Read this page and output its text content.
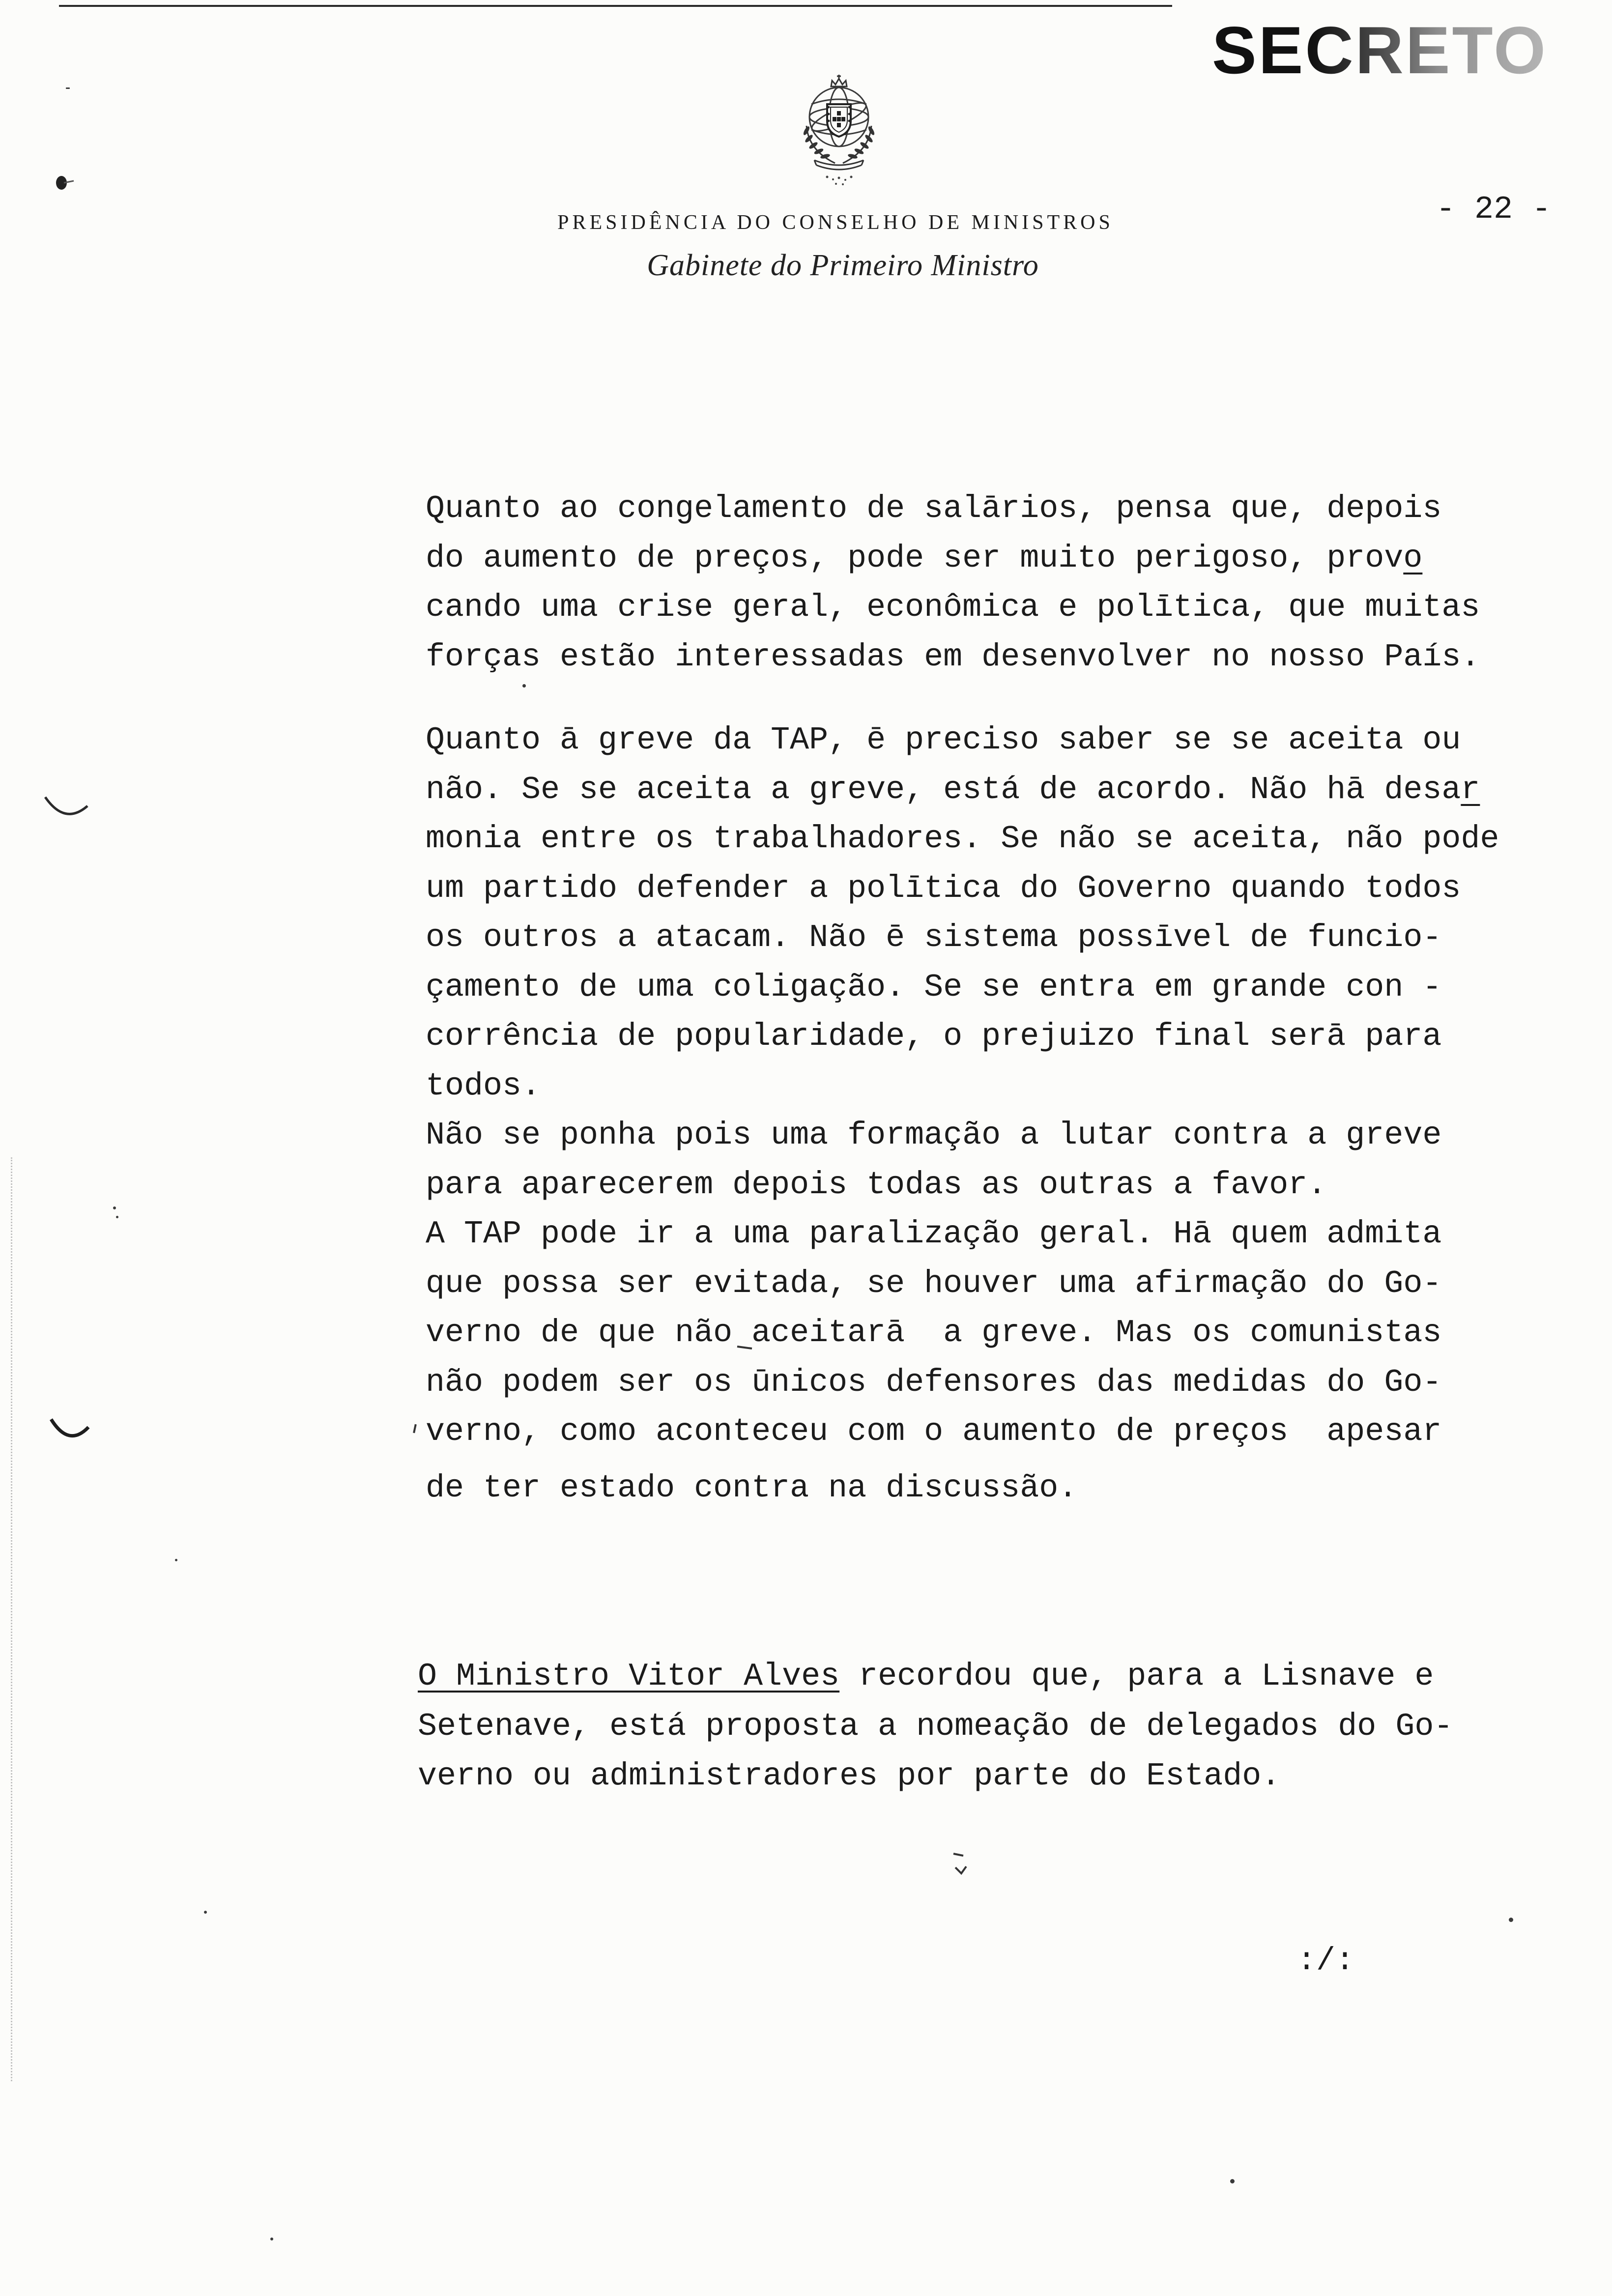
SECRETO
PRESIDÊNCIA DO CONSELHO DE MINISTROS
Gabinete do Primeiro Ministro
- 22 -
Quanto ao congelamento de salārios, pensa que, depois
do aumento de preços, pode ser muito perigoso, provo
cando uma crise geral, econômica e polītica, que muitas
forças estão interessadas em desenvolver no nosso País.
Quanto ā greve da TAP, ē preciso saber se se aceita ou
não. Se se aceita a greve, está de acordo. Não hā desar
monia entre os trabalhadores. Se não se aceita, não pode
um partido defender a polītica do Governo quando todos
os outros a atacam. Não ē sistema possīvel de funcio-
çamento de uma coligação. Se se entra em grande con -
corrência de popularidade, o prejuizo final serā para
todos.
Não se ponha pois uma formação a lutar contra a greve
para aparecerem depois todas as outras a favor.
A TAP pode ir a uma paralização geral. Hā quem admita
que possa ser evitada, se houver uma afirmação do Go-
verno de que não aceitarā  a greve. Mas os comunistas
não podem ser os ūnicos defensores das medidas do Go-
verno, como aconteceu com o aumento de preços  apesar
de ter estado contra na discussão.
O Ministro Vitor Alves recordou que, para a Lisnave e
Setenave, está proposta a nomeação de delegados do Go-
verno ou administradores por parte do Estado.
:/:
